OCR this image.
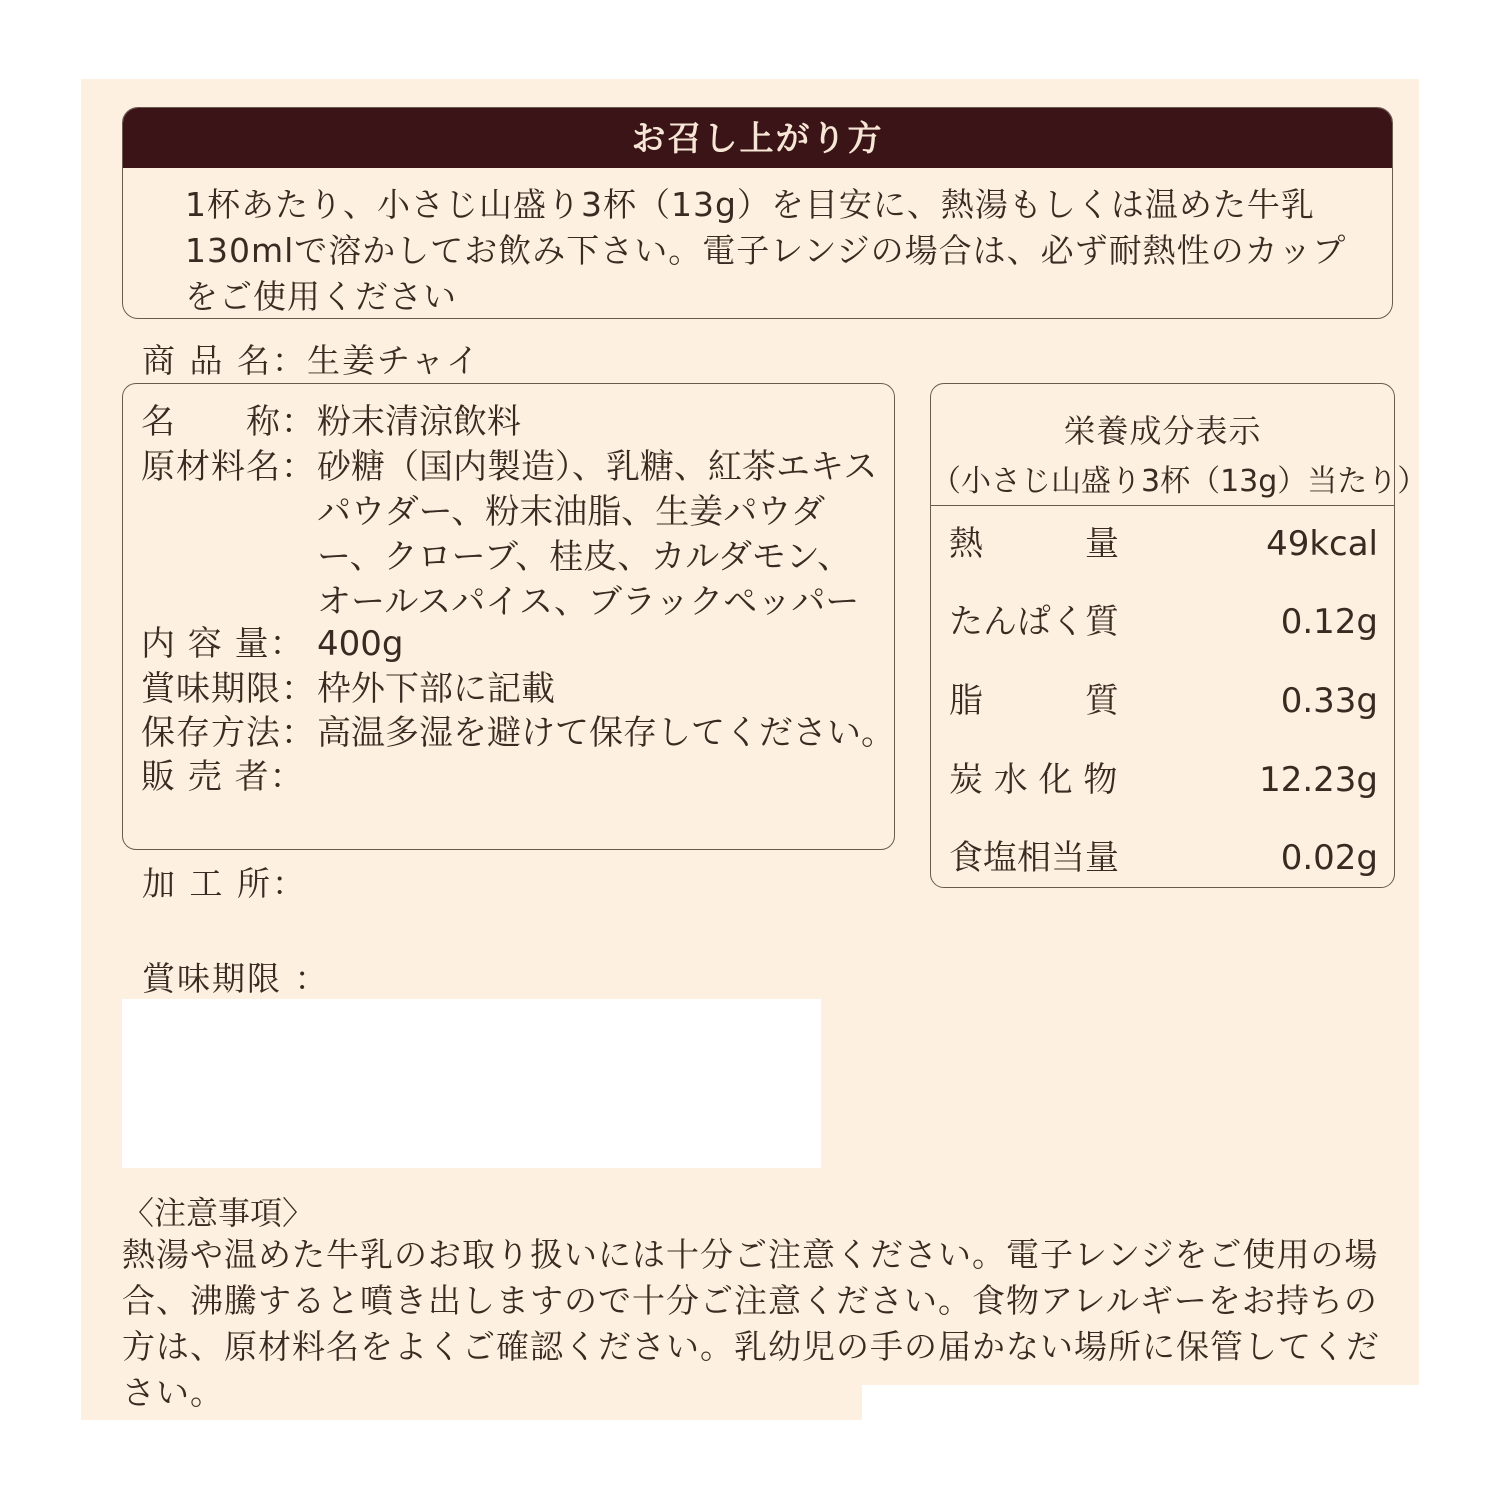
お召し上がり方
1杯あたり、小さじ山盛り3杯（13g）を目安に、熱湯もしくは温めた牛乳130mlで溶かしてお飲み下さい。電子レンジの場合は、必ず耐熱性のカップをご使用ください
商 品 名：生姜チャイ
名　　称： 粉末清涼飲料
原材料名： 砂糖（国内製造）、乳糖、紅茶エキスパウダー、粉末油脂、生姜パウダー、クローブ、桂皮、カルダモン、オールスパイス、ブラックペッパー
内 容 量： 400g
賞味期限： 枠外下部に記載
保存方法： 高温多湿を避けて保存してください。
販 売 者：
栄養成分表示
（小さじ山盛り3杯（13g）当たり）
熱　　　量	49kcal
たんぱく質	0.12g
脂　　　質	0.33g
炭 水 化 物	12.23g
食塩相当量	0.02g
加 工 所：
賞味期限 ：
〈注意事項〉
熱湯や温めた牛乳のお取り扱いには十分ご注意ください。電子レンジをご使用の場合、沸騰すると噴き出しますので十分ご注意ください。食物アレルギーをお持ちの方は、原材料名をよくご確認ください。乳幼児の手の届かない場所に保管してください。
